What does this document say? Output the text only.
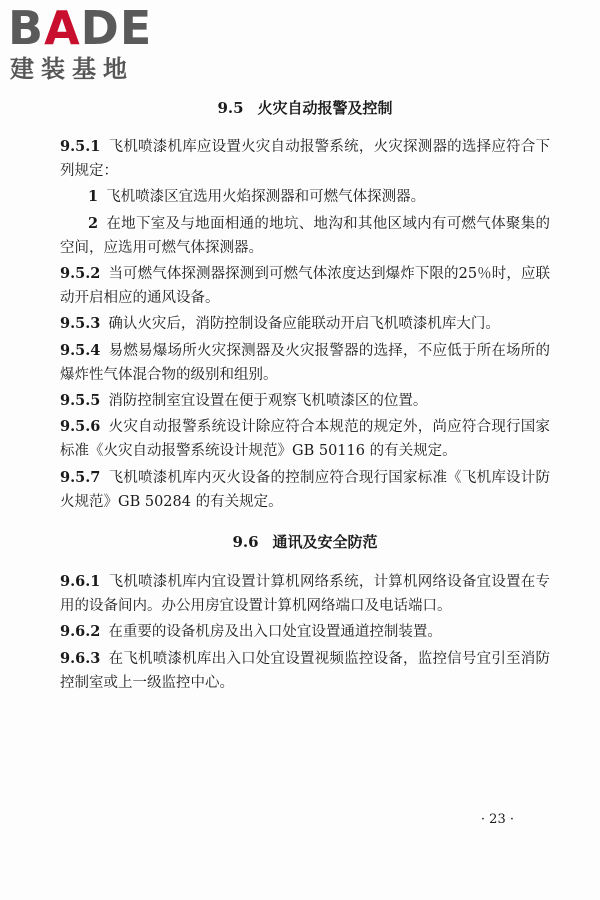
BADE
建装基地
9.5 火灾自动报警及控制

9.5.1 飞机喷漆机库应设置火灾自动报警系统，火灾探测器的选择应符合下列规定：

1 飞机喷漆区宜选用火焰探测器和可燃气体探测器。

2 在地下室及与地面相通的地坑、地沟和其他区域内有可燃气体聚集的空间，应选用可燃气体探测器。

9.5.2 当可燃气体探测器探测到可燃气体浓度达到爆炸下限的25％时，应联动开启相应的通风设备。

9.5.3 确认火灾后，消防控制设备应能联动开启飞机喷漆机库大门。

9.5.4 易燃易爆场所火灾探测器及火灾报警器的选择，不应低于所在场所的爆炸性气体混合物的级别和组别。

9.5.5 消防控制室宜设置在便于观察飞机喷漆区的位置。

9.5.6 火灾自动报警系统设计除应符合本规范的规定外，尚应符合现行国家标准《火灾自动报警系统设计规范》GB 50116 的有关规定。

9.5.7 飞机喷漆机库内灭火设备的控制应符合现行国家标准《飞机库设计防火规范》GB 50284 的有关规定。

9.6 通讯及安全防范

9.6.1 飞机喷漆机库内宜设置计算机网络系统，计算机网络设备宜设置在专用的设备间内。办公用房宜设置计算机网络端口及电话端口。

9.6.2 在重要的设备机房及出入口处宜设置通道控制装置。

9.6.3 在飞机喷漆机库出入口处宜设置视频监控设备，监控信号宜引至消防控制室或上一级监控中心。

· 23 ·
